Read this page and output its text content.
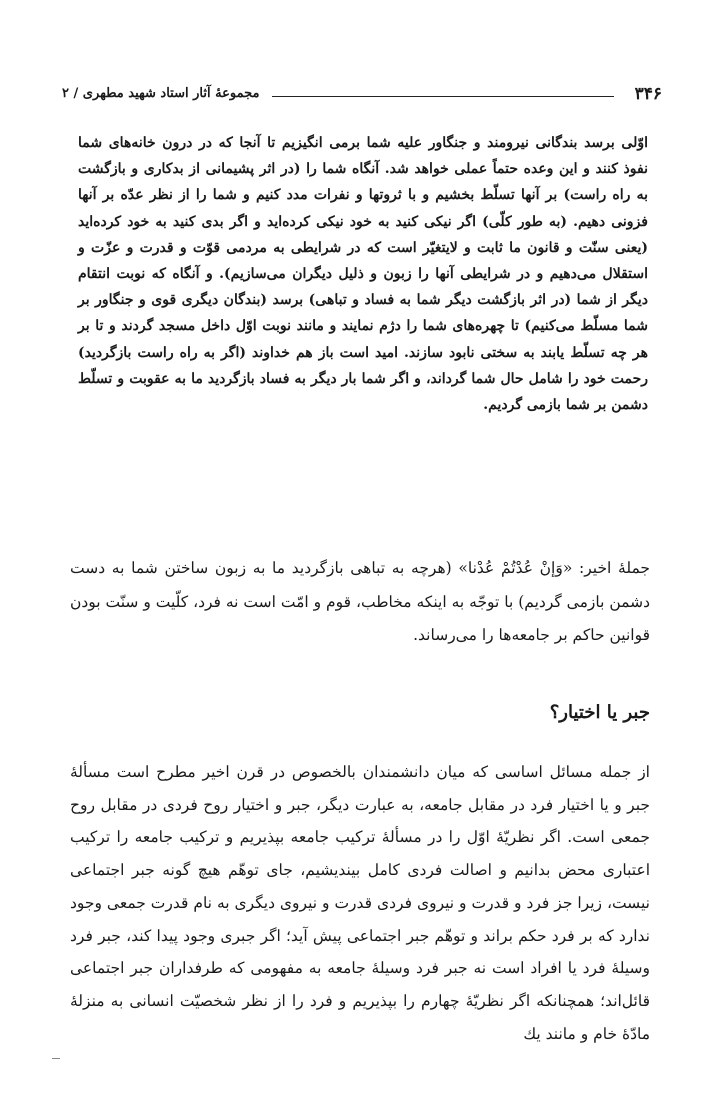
۳۴۶
مجموعهٔ آثار استاد شهید مطهری / ۲
اوّلی برسد بندگانی نیرومند و جنگاور علیه شما برمی انگیزیم تا آنجا که در درون خانه‌های شما نفوذ کنند و این وعده حتماً عملی خواهد شد. آنگاه شما را (در اثر پشیمانی از بدکاری و بازگشت به راه راست) بر آنها تسلّط بخشیم و با ثروتها و نفرات مدد کنیم و شما را از نظر عدّه بر آنها فزونی دهیم. (به طور کلّی) اگر نیکی کنید به خود نیکی کرده‌اید و اگر بدی کنید به خود کرده‌اید (یعنی سنّت و قانون ما ثابت و لایتغیّر است که در شرایطی به مردمی قوّت و قدرت و عزّت و استقلال می‌دهیم و در شرایطی آنها را زبون و ذلیل دیگران می‌سازیم). و آنگاه که نوبت انتقام دیگر از شما (در اثر بازگشت دیگر شما به فساد و تباهی) برسد (بندگان دیگری قوی و جنگاور بر شما مسلّط می‌کنیم) تا چهره‌های شما را دژم نمایند و مانند نوبت اوّل داخل مسجد گردند و تا بر هر چه تسلّط یابند به سختی نابود سازند. امید است باز هم خداوند (اگر به راه راست بازگردید) رحمت خود را شامل حال شما گرداند، و اگر شما بار دیگر به فساد بازگردید ما به عقوبت و تسلّط دشمن بر شما بازمی گردیم.

جملهٔ اخیر: «وَإنْ عُدْتُمْ عُدْنا» (هرچه به تباهی بازگردید ما به زبون ساختن شما به دست دشمن بازمی گردیم) با توجّه به اینکه مخاطب، قوم و امّت است نه فرد، کلّیت و سنّت بودن قوانین حاکم بر جامعه‌ها را می‌رساند.

جبر یا اختیار؟

از جمله مسائل اساسی که میان دانشمندان بالخصوص در قرن اخیر مطرح است مسألهٔ جبر و یا اختیار فرد در مقابل جامعه، به عبارت دیگر، جبر و اختیار روح فردی در مقابل روح جمعی است. اگر نظریّهٔ اوّل را در مسألهٔ ترکیب جامعه بپذیریم و ترکیب جامعه را ترکیب اعتباری محض بدانیم و اصالت فردی کامل بیندیشیم، جای توهّم هیچ گونه جبر اجتماعی نیست، زیرا جز فرد و قدرت و نیروی فردی قدرت و نیروی دیگری به نام قدرت جمعی وجود ندارد که بر فرد حکم براند و توهّم جبر اجتماعی پیش آید؛ اگر جبری وجود پیدا کند، جبر فرد وسیلهٔ فرد یا افراد است نه جبر فرد وسیلهٔ جامعه به مفهومی که طرفداران جبر اجتماعی قائل‌اند؛ همچنانکه اگر نظریّهٔ چهارم را بپذیریم و فرد را از نظر شخصیّت انسانی به منزلهٔ مادّهٔ خام و مانند یك
